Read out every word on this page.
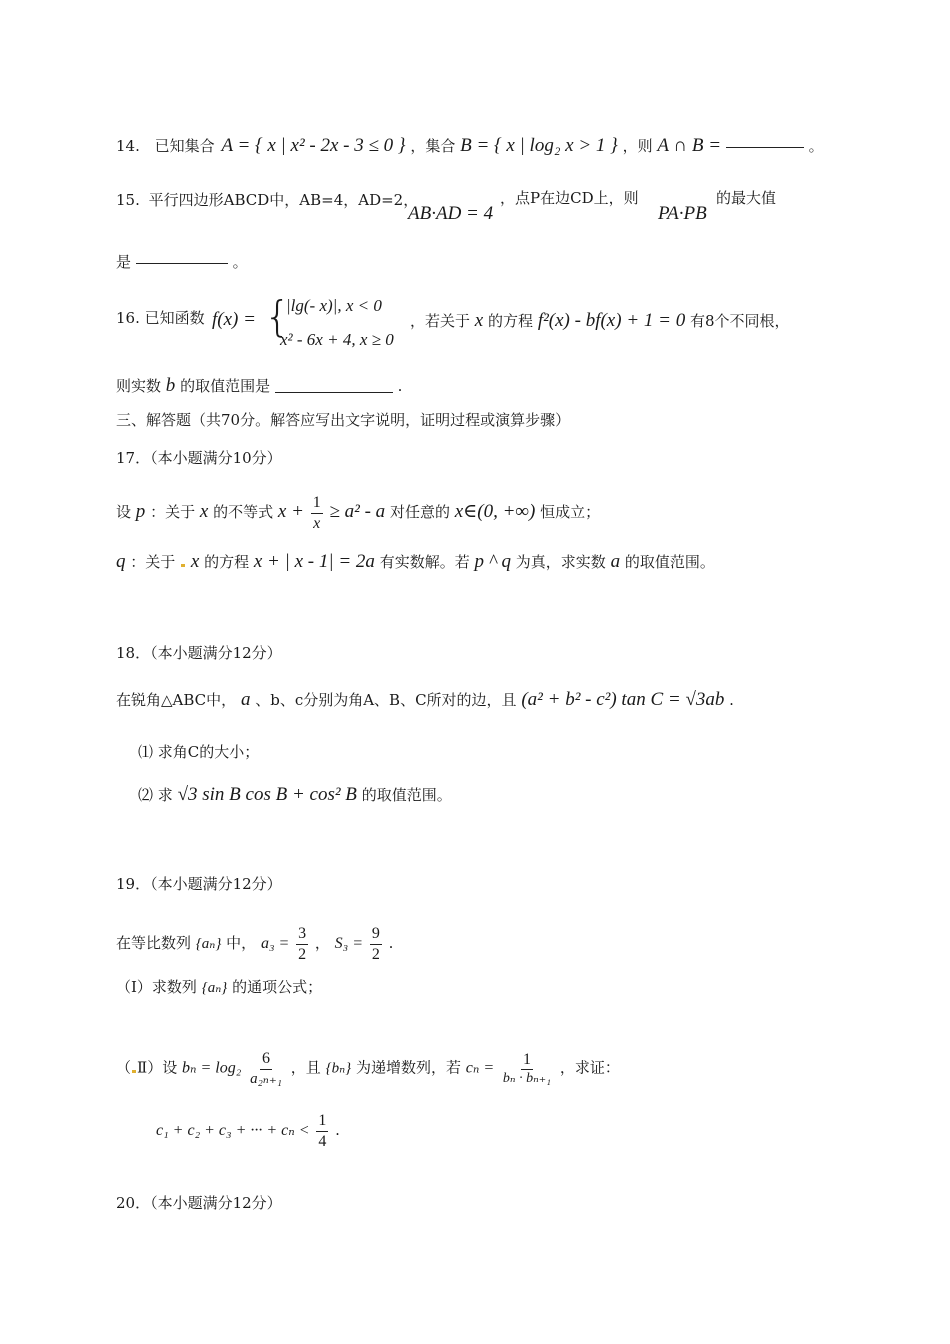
14. 已知集合 A = { x | x² - 2x - 3 ≤ 0 } ，集合 B = { x | log₂ x > 1 } ，则 A ∩ B =	。
15. 平行四边形ABCD中，AB=4，AD=2，
AB·AD = 4
，点P在边CD上，则
PA·PB
的最大值
是	。
16. 已知函数 f(x) = {
|lg(- x)|, x < 0
x² - 6x + 4, x ≥ 0
，若关于 x 的方程 f²(x) - bf(x) + 1 = 0 有8个不同根，
则实数 b 的取值范围是	.
三、解答题（共70分。解答应写出文字说明，证明过程或演算步骤）
17．（本小题满分10分）
设 p ：关于 x 的不等式 $x + \frac{1}{x} \ge a^2 - a$ 对任意的 x∈(0, +∞) 恒成立；
q ：关于 x 的方程 x + | x - 1| = 2a 有实数解。若 p ^ q 为真，求实数 a 的取值范围。
18．（本小题满分12分）
在锐角△ABC中， a 、b、c分别为角A、B、C所对的边，且 (a² + b² - c²) tan C = √3ab .
⑴ 求角C的大小；
⑵ 求 √3 sin B cos B + cos² B 的取值范围。
19．（本小题满分12分）
在等比数列 {aₙ} 中， $a_3 = \frac{3}{2}$ ， $S_3 = \frac{9}{2}$ .
（Ⅰ）求数列 {aₙ} 的通项公式；
（ Ⅱ）设 $b_n = \log_2 \frac{6}{\text{a₂ₙ₊₁}}$ ，且 {bₙ} 为递增数列，若 $c_n = \frac{1}{\text{bₙ · bₙ₊₁}}$ ，求证：
c₁ + c₂ + c₃ + ··· + $c_n < \frac{1}{4}$ .
20．（本小题满分12分）
